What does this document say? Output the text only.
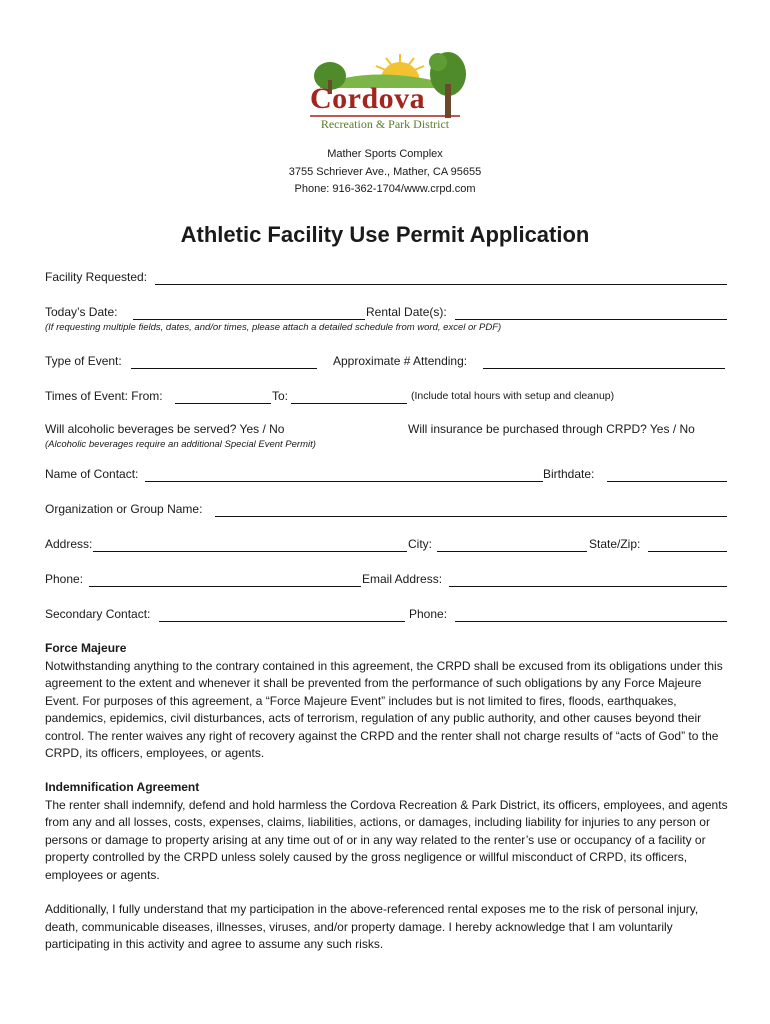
Cordova
Recreation & Park District
Mather Sports Complex
3755 Schriever Ave., Mather, CA 95655
Phone: 916-362-1704/www.crpd.com
Athletic Facility Use Permit Application
Facility Requested:
Today’s Date:	Rental Date(s):
(If requesting multiple fields, dates, and/or times, please attach a detailed schedule from word, excel or PDF)
Type of Event:	Approximate # Attending:
Times of Event: From:	To:	(Include total hours with setup and cleanup)
Will alcoholic beverages be served? Yes / No	Will insurance be purchased through CRPD? Yes / No
(Alcoholic beverages require an additional Special Event Permit)
Name of Contact:	Birthdate:
Organization or Group Name:
Address:	City:	State/Zip:
Phone:	Email Address:
Secondary Contact:	Phone:
Force Majeure

Notwithstanding anything to the contrary contained in this agreement, the CRPD shall be excused from its obligations under this agreement to the extent and whenever it shall be prevented from the performance of such obligations by any Force Majeure Event. For purposes of this agreement, a “Force Majeure Event” includes but is not limited to fires, floods, earthquakes, pandemics, epidemics, civil disturbances, acts of terrorism, regulation of any public authority, and other causes beyond their control. The renter waives any right of recovery against the CRPD and the renter shall not charge results of “acts of God” to the CRPD, its officers, employees, or agents.

Indemnification Agreement

The renter shall indemnify, defend and hold harmless the Cordova Recreation & Park District, its officers, employees, and agents from any and all losses, costs, expenses, claims, liabilities, actions, or damages, including liability for injuries to any person or persons or damage to property arising at any time out of or in any way related to the renter’s use or occupancy of a facility or property controlled by the CRPD unless solely caused by the gross negligence or willful misconduct of CRPD, its officers, employees or agents.

Additionally, I fully understand that my participation in the above-referenced rental exposes me to the risk of personal injury, death, communicable diseases, illnesses, viruses, and/or property damage. I hereby acknowledge that I am voluntarily participating in this activity and agree to assume any such risks.
